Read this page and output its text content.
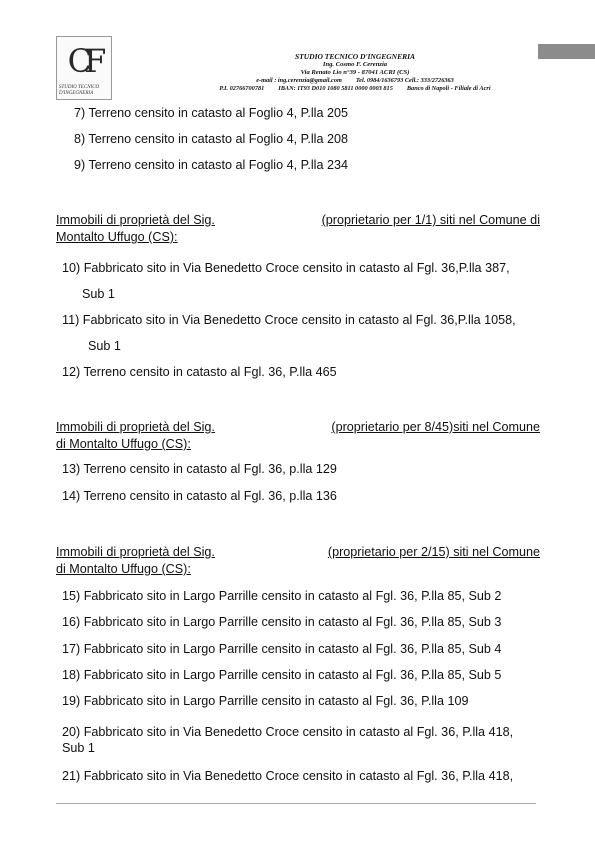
CF
STUDIO TECNICO D'INGEGNERIA
STUDIO TECNICO D'INGEGNERIA
Ing. Cosmo F. Cerenzia
Via Renato Lio n°39 - 87041 ACRI (CS)
e-mail : ing.cerenzia@gmail.com Tel. 0984/1636793 Cell.: 333/2726363
P.I. 02766700781 IBAN: IT93 D010 1080 5811 0000 0003 815 Banco di Napoli - Filiale di Acri
7) Terreno censito in catasto al Foglio 4, P.lla 205
8) Terreno censito in catasto al Foglio 4, P.lla 208
9) Terreno censito in catasto al Foglio 4, P.lla 234
Immobili di proprietà del Sig.	(proprietario per 1/1) siti nel Comune di
Montalto Uffugo (CS):
10) Fabbricato sito in Via Benedetto Croce censito in catasto al Fgl. 36,P.lla 387,
Sub 1
11) Fabbricato sito in Via Benedetto Croce censito in catasto al Fgl. 36,P.lla 1058,
Sub 1
12) Terreno censito in catasto al Fgl. 36, P.lla 465
Immobili di proprietà del Sig.	(proprietario per 8/45)siti nel Comune
di Montalto Uffugo (CS):
13) Terreno censito in catasto al Fgl. 36, p.lla 129
14) Terreno censito in catasto al Fgl. 36, p.lla 136
Immobili di proprietà del Sig.	(proprietario per 2/15) siti nel Comune
di Montalto Uffugo (CS):
15) Fabbricato sito in Largo Parrille censito in catasto al Fgl. 36, P.lla 85, Sub 2
16) Fabbricato sito in Largo Parrille censito in catasto al Fgl. 36, P.lla 85, Sub 3
17) Fabbricato sito in Largo Parrille censito in catasto al Fgl. 36, P.lla 85, Sub 4
18) Fabbricato sito in Largo Parrille censito in catasto al Fgl. 36, P.lla 85, Sub 5
19) Fabbricato sito in Largo Parrille censito in catasto al Fgl. 36, P.lla 109
20) Fabbricato sito in Via Benedetto Croce censito in catasto al Fgl. 36, P.lla 418,
Sub 1
21) Fabbricato sito in Via Benedetto Croce censito in catasto al Fgl. 36, P.lla 418,
